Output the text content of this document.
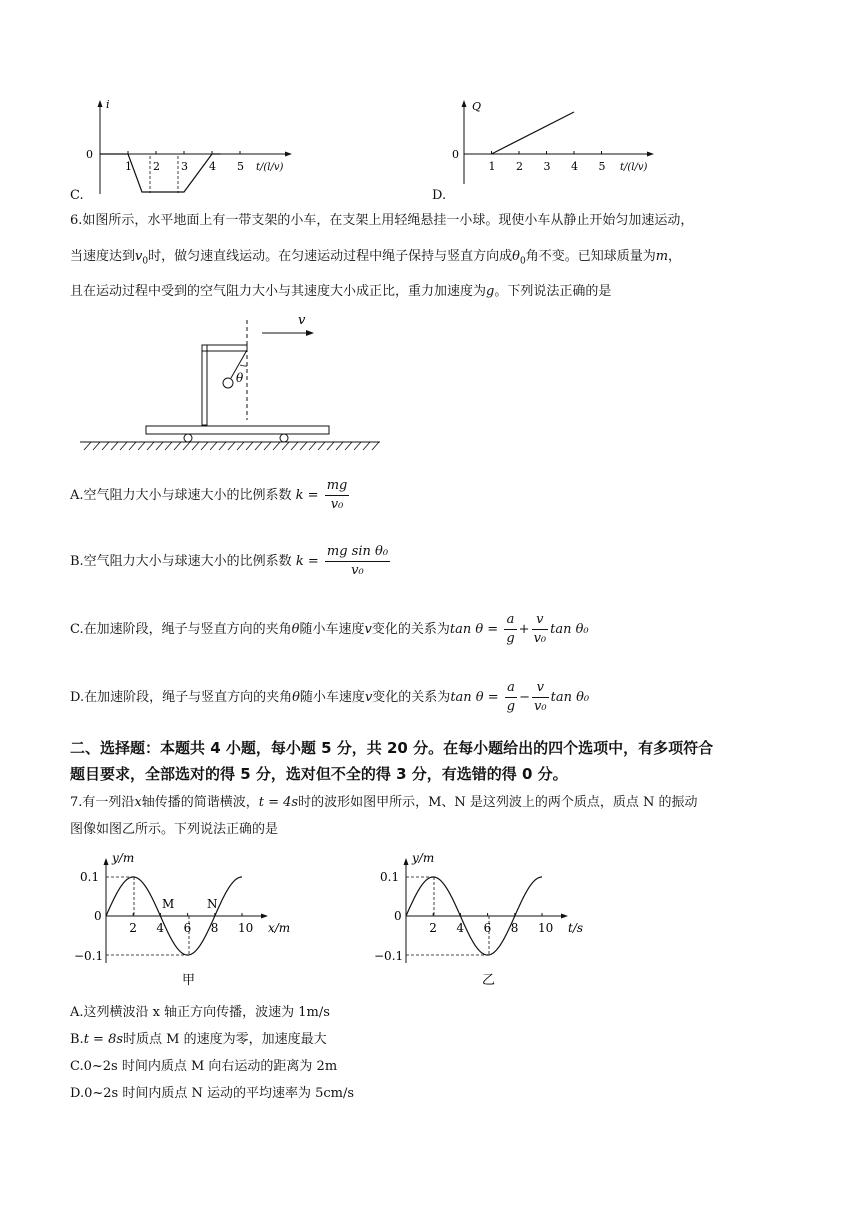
i
0
1 2 3 4 5 t/(l/v)
C.
Q
0
1 2 3 4 5 t/(l/v)
D.
6.如图所示，水平地面上有一带支架的小车，在支架上用轻绳悬挂一小球。现使小车从静止开始匀加速运动，
当速度达到$v_0$时，做匀速直线运动。在匀速运动过程中绳子保持与竖直方向成$\theta_0$角不变。已知球质量为m，
且在运动过程中受到的空气阻力大小与其速度大小成正比，重力加速度为g。下列说法正确的是
v
θ
A.空气阻力大小与球速大小的比例系数 $k = \frac{mg}{\text{v₀}}$
B.空气阻力大小与球速大小的比例系数 $k = \frac{\text{mg sin θ₀}}{\text{v₀}}$
C.在加速阶段，绳子与竖直方向的夹角θ随小车速度v变化的关系为$\tan \theta = \frac{a}{g} + \frac{v}{\text{v₀}}$ tan θ₀
D.在加速阶段，绳子与竖直方向的夹角θ随小车速度v变化的关系为$\tan \theta = \frac{a}{g} - \frac{v}{\text{v₀}}$ tan θ₀
二、选择题：本题共 4 小题，每小题 5 分，共 20 分。在每小题给出的四个选项中，有多项符合
题目要求，全部选对的得 5 分，选对但不全的得 3 分，有选错的得 0 分。
7.有一列沿x轴传播的简谐横波，t = 4s时的波形如图甲所示，M、N 是这列波上的两个质点，质点 N 的振动
图像如图乙所示。下列说法正确的是
y/m
x/m
0.1
0
−0.1
2 4 6 8 10
M	N
甲
y/m
t/s
0.1
0
−0.1
2 4 6 8 10
乙
A.这列横波沿 x 轴正方向传播，波速为 1m/s
B.t = 8s时质点 M 的速度为零，加速度最大
C.0~2s 时间内质点 M 向右运动的距离为 2m
D.0~2s 时间内质点 N 运动的平均速率为 5cm/s
